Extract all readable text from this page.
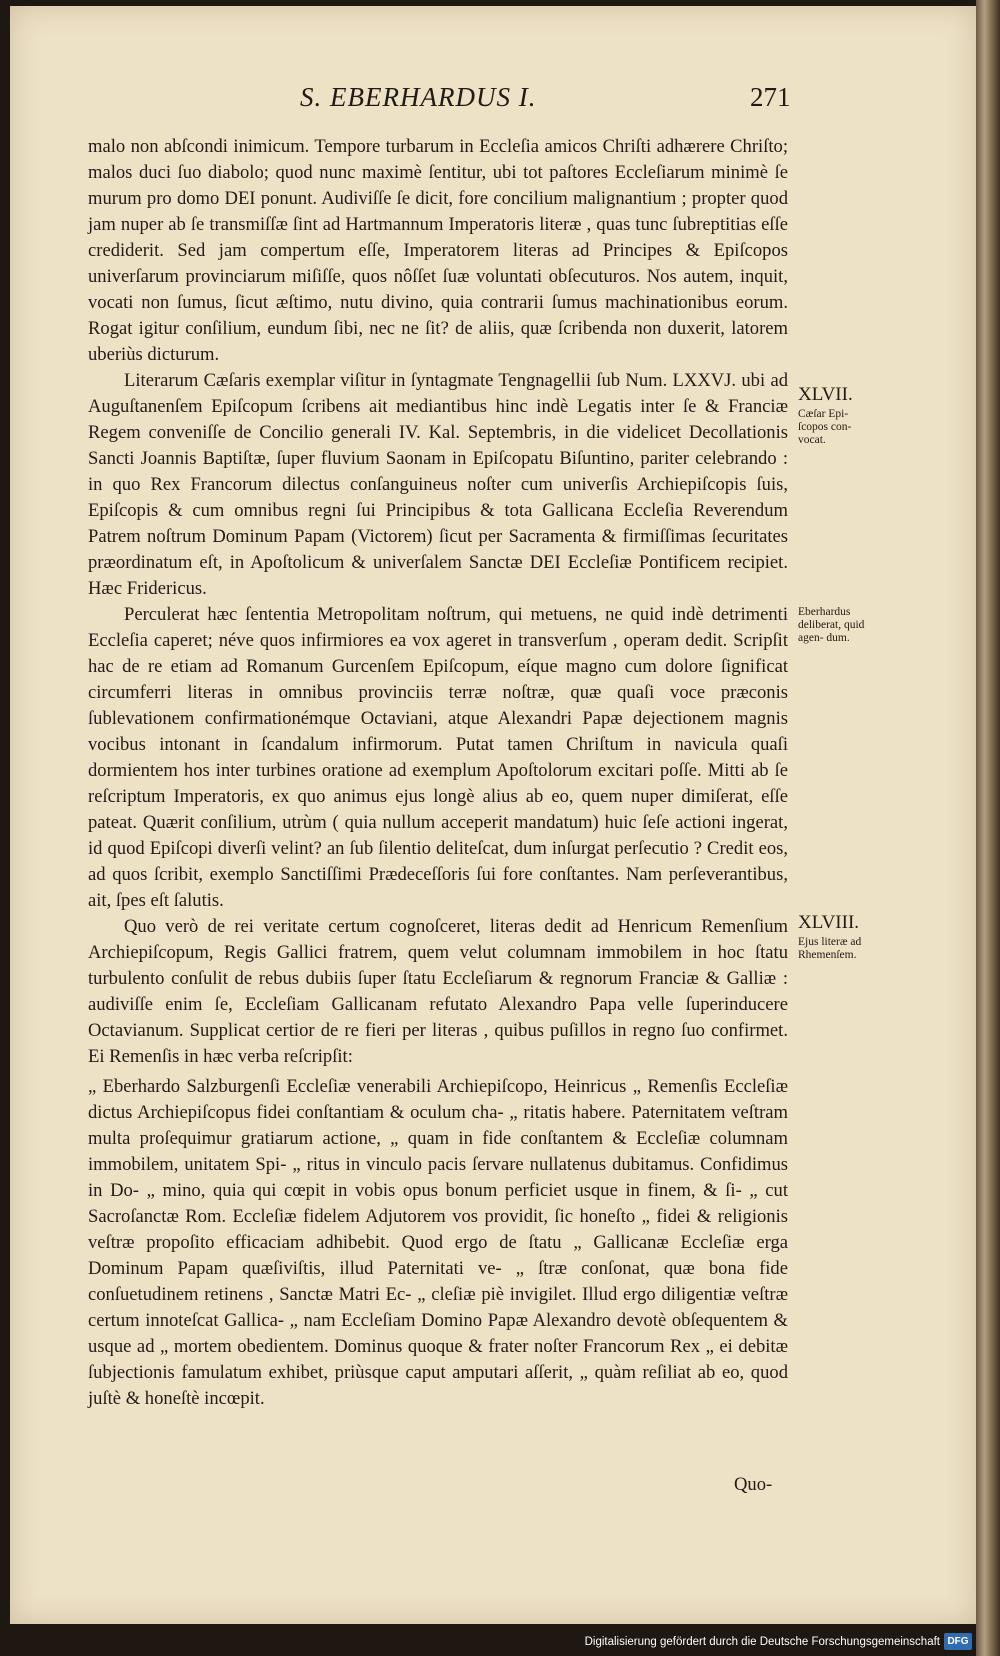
S. EBERHARDUS I.	271

malo non abſcondi inimicum. Tempore turbarum in Eccleſia amicos Chriſti adhærere Chriſto; malos duci ſuo diabolo; quod nunc maximè ſentitur, ubi tot paſtores Eccleſiarum minimè ſe murum pro domo DEI ponunt. Audiviſſe ſe dicit, fore concilium malignantium ; propter quod jam nuper ab ſe transmiſſæ ſint ad Hartmannum Imperatoris literæ , quas tunc ſubreptitias eſſe crediderit. Sed jam compertum eſſe, Imperatorem literas ad Principes & Epiſcopos univerſarum provinciarum miſiſſe, quos nôſſet ſuæ voluntati obſecuturos. Nos autem, inquit, vocati non ſumus, ſicut æſtimo, nutu divino, quia contrarii ſumus machinationibus eorum. Rogat igitur conſilium, eundum ſibi, nec ne ſit? de aliis, quæ ſcribenda non duxerit, latorem uberiùs dicturum.

Literarum Cæſaris exemplar viſitur in ſyntagmate Tengnagellii ſub Num. LXXVJ. ubi ad Auguſtanenſem Epiſcopum ſcribens ait mediantibus hinc indè Legatis inter ſe & Franciæ Regem conveniſſe de Concilio generali IV. Kal. Septembris, in die videlicet Decollationis Sancti Joannis Baptiſtæ, ſuper fluvium Saonam in Epiſcopatu Biſuntino, pariter celebrando : in quo Rex Francorum dilectus conſanguineus noſter cum univerſis Archiepiſcopis ſuis, Epiſcopis & cum omnibus regni ſui Principibus & tota Gallicana Eccleſia Reverendum Patrem noſtrum Dominum Papam (Victorem) ſicut per Sacramenta & firmiſſimas ſecuritates præordinatum eſt, in Apoſtolicum & univerſalem Sanctæ DEI Eccleſiæ Pontificem recipiet. Hæc Fridericus.

Perculerat hæc ſententia Metropolitam noſtrum, qui metuens, ne quid indè detrimenti Eccleſia caperet; néve quos infirmiores ea vox ageret in transverſum , operam dedit. Scripſit hac de re etiam ad Romanum Gurcenſem Epiſcopum, eíque magno cum dolore ſignificat circumferri literas in omnibus provinciis terræ noſtræ, quæ quaſi voce præconis ſublevationem confirmationémque Octaviani, atque Alexandri Papæ dejectionem magnis vocibus intonant in ſcandalum infirmorum. Putat tamen Chriſtum in navicula quaſi dormientem hos inter turbines oratione ad exemplum Apoſtolorum excitari poſſe. Mitti ab ſe reſcriptum Imperatoris, ex quo animus ejus longè alius ab eo, quem nuper dimiſerat, eſſe pateat. Quærit conſilium, utrùm ( quia nullum acceperit mandatum) huic ſeſe actioni ingerat, id quod Epiſcopi diverſi velint? an ſub ſilentio deliteſcat, dum inſurgat perſecutio ? Credit eos, ad quos ſcribit, exemplo Sanctiſſimi Prædeceſſoris ſui fore conſtantes. Nam perſeverantibus, ait, ſpes eſt ſalutis.

Quo verò de rei veritate certum cognoſceret, literas dedit ad Henricum Remenſium Archiepiſcopum, Regis Gallici fratrem, quem velut columnam immobilem in hoc ſtatu turbulento conſulit de rebus dubiis ſuper ſtatu Eccleſiarum & regnorum Franciæ & Galliæ : audiviſſe enim ſe, Eccleſiam Gallicanam refutato Alexandro Papa velle ſuperinducere Octavianum. Supplicat certior de re fieri per literas , quibus puſillos in regno ſuo confirmet. Ei Remenſis in hæc verba reſcripſit:

„ Eberhardo Salzburgenſi Eccleſiæ venerabili Archiepiſcopo, Heinricus „ Remenſis Eccleſiæ dictus Archiepiſcopus fidei conſtantiam & oculum cha- „ ritatis habere. Paternitatem veſtram multa proſequimur gratiarum actione, „ quam in fide conſtantem & Eccleſiæ columnam immobilem, unitatem Spi- „ ritus in vinculo pacis ſervare nullatenus dubitamus. Confidimus in Do- „ mino, quia qui cœpit in vobis opus bonum perficiet usque in finem, & ſi- „ cut Sacroſanctæ Rom. Eccleſiæ fidelem Adjutorem vos providit, ſic honeſto „ fidei & religionis veſtræ propoſito efficaciam adhibebit. Quod ergo de ſtatu „ Gallicanæ Eccleſiæ erga Dominum Papam quæſiviſtis, illud Paternitati ve- „ ſtræ conſonat, quæ bona fide conſuetudinem retinens , Sanctæ Matri Ec- „ cleſiæ piè invigilet. Illud ergo diligentiæ veſtræ certum innoteſcat Gallica- „ nam Eccleſiam Domino Papæ Alexandro devotè obſequentem & usque ad „ mortem obedientem. Dominus quoque & frater noſter Francorum Rex „ ei debitæ ſubjectionis famulatum exhibet, priùsque caput amputari aſſerit, „ quàm reſiliat ab eo, quod juſtè & honeſtè incœpit.

XLVII.
Cæſar Epi- ſcopos con- vocat.
Eberhardus deliberat, quid agen- dum.
XLVIII.
Ejus literæ ad Rhemenſem.
Quo-
Digitalisierung gefördert durch die Deutsche Forschungsgemeinschaft DFG
